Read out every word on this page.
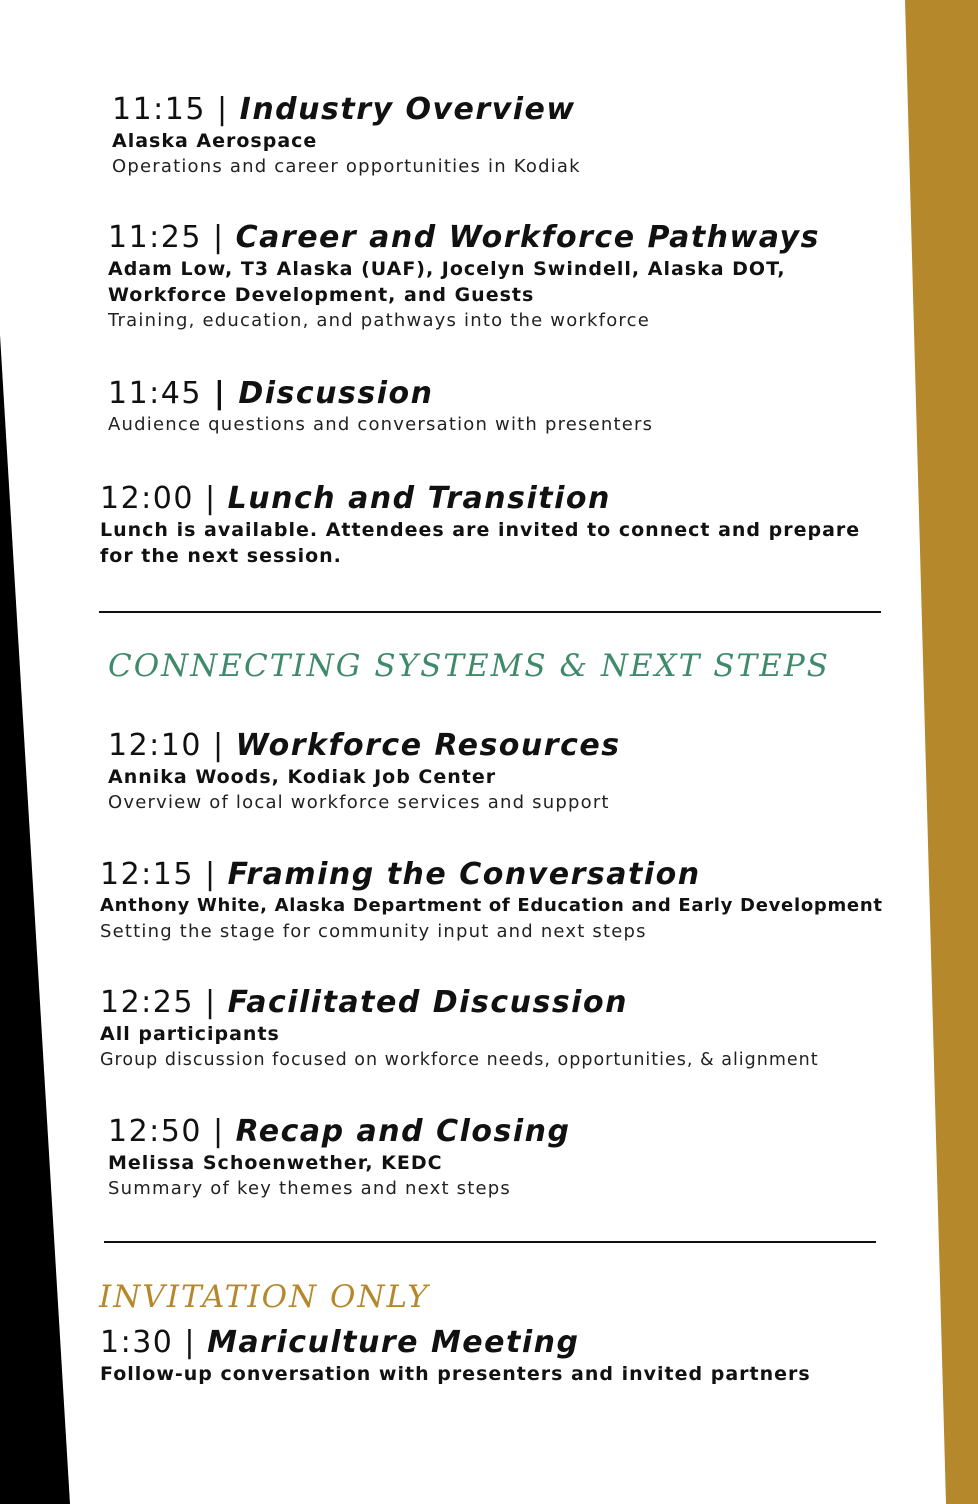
11:15 | Industry Overview
Alaska Aerospace
Operations and career opportunities in Kodiak
11:25 | Career and Workforce Pathways
Adam Low, T3 Alaska (UAF), Jocelyn Swindell, Alaska DOT, Workforce Development, and Guests
Training, education, and pathways into the workforce
11:45 | Discussion
Audience questions and conversation with presenters
12:00 | Lunch and Transition
Lunch is available. Attendees are invited to connect and prepare for the next session.
CONNECTING SYSTEMS & NEXT STEPS
12:10 | Workforce Resources
Annika Woods, Kodiak Job Center
Overview of local workforce services and support
12:15 | Framing the Conversation
Anthony White, Alaska Department of Education and Early Development
Setting the stage for community input and next steps
12:25 | Facilitated Discussion
All participants
Group discussion focused on workforce needs, opportunities, & alignment
12:50 | Recap and Closing
Melissa Schoenwether, KEDC
Summary of key themes and next steps
INVITATION ONLY
1:30 | Mariculture Meeting
Follow-up conversation with presenters and invited partners
